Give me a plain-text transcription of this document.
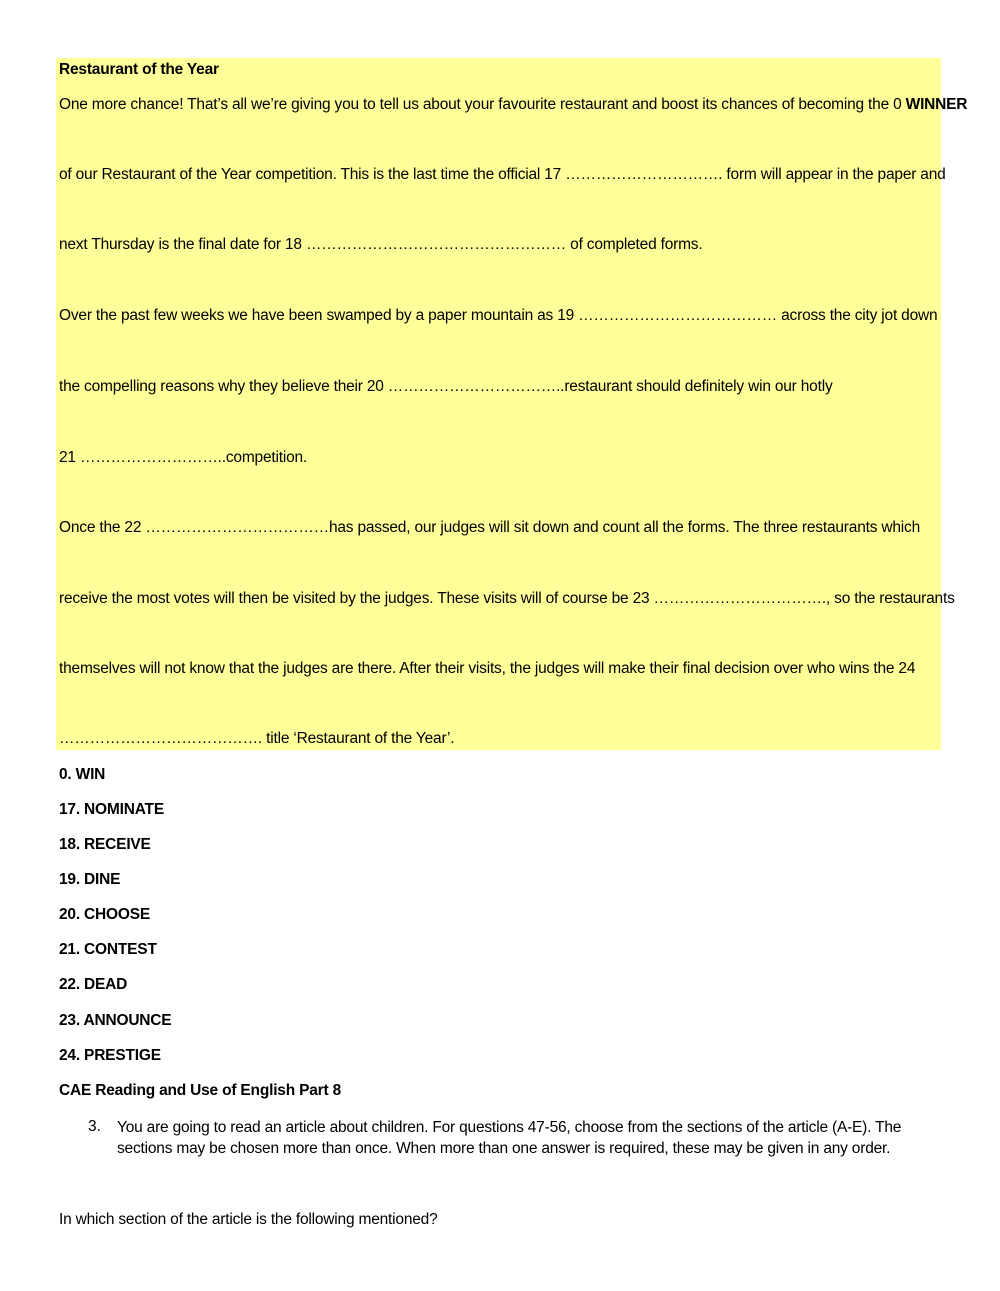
Restaurant of the Year
One more chance! That’s all we’re giving you to tell us about your favourite restaurant and boost its chances of becoming the 0 WINNER
of our Restaurant of the Year competition. This is the last time the official 17 …………………………. form will appear in the paper and
next Thursday is the final date for 18 …………………………………………… of completed forms.
Over the past few weeks we have been swamped by a paper mountain as 19 ………………………………… across the city jot down
the compelling reasons why they believe their 20 ……………………………..restaurant should definitely win our hotly
21 ………………………..competition.
Once the 22 ………………………………has passed, our judges will sit down and count all the forms. The three restaurants which
receive the most votes will then be visited by the judges. These visits will of course be 23 ……………………………., so the restaurants
themselves will not know that the judges are there. After their visits, the judges will make their final decision over who wins the 24
…………………………………. title ‘Restaurant of the Year’.
0. WIN
17. NOMINATE
18. RECEIVE
19. DINE
20. CHOOSE
21. CONTEST
22. DEAD
23. ANNOUNCE
24. PRESTIGE
CAE Reading and Use of English Part 8
3. You are going to read an article about children. For questions 47-56, choose from the sections of the article (A-E). The sections may be chosen more than once. When more than one answer is required, these may be given in any order.
In which section of the article is the following mentioned?
